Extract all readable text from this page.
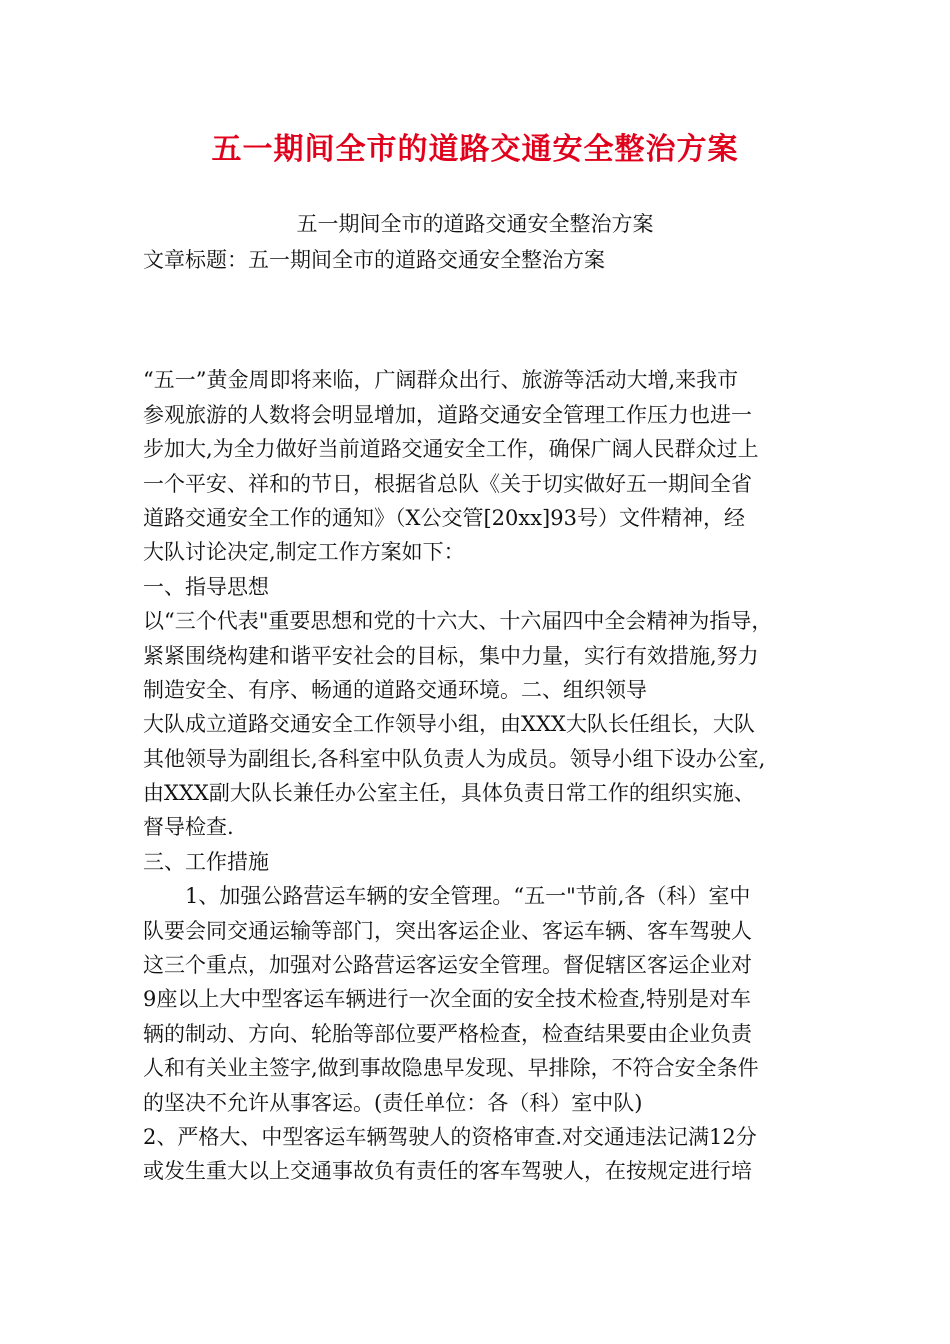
五一期间全市的道路交通安全整治方案
五一期间全市的道路交通安全整治方案
文章标题：五一期间全市的道路交通安全整治方案
“五一”黄金周即将来临，广阔群众出行、旅游等活动大增,来我市
参观旅游的人数将会明显增加，道路交通安全管理工作压力也进一
步加大,为全力做好当前道路交通安全工作，确保广阔人民群众过上
一个平安、祥和的节日，根据省总队《关于切实做好五一期间全省
道路交通安全工作的通知》（X公交管[20xx]93号）文件精神，经
大队讨论决定,制定工作方案如下：
一、指导思想
以“三个代表"重要思想和党的十六大、十六届四中全会精神为指导，
紧紧围绕构建和谐平安社会的目标，集中力量，实行有效措施,努力
制造安全、有序、畅通的道路交通环境。二、组织领导
大队成立道路交通安全工作领导小组，由XXX大队长任组长，大队
其他领导为副组长,各科室中队负责人为成员。领导小组下设办公室,
由XXX副大队长兼任办公室主任，具体负责日常工作的组织实施、
督导检查.
三、工作措施
1、加强公路营运车辆的安全管理。“五一"节前,各（科）室中
队要会同交通运输等部门，突出客运企业、客运车辆、客车驾驶人
这三个重点，加强对公路营运客运安全管理。督促辖区客运企业对
9座以上大中型客运车辆进行一次全面的安全技术检查,特别是对车
辆的制动、方向、轮胎等部位要严格检查，检查结果要由企业负责
人和有关业主签字,做到事故隐患早发现、早排除，不符合安全条件
的坚决不允许从事客运。(责任单位：各（科）室中队)
2、严格大、中型客运车辆驾驶人的资格审查.对交通违法记满12分
或发生重大以上交通事故负有责任的客车驾驶人，在按规定进行培
